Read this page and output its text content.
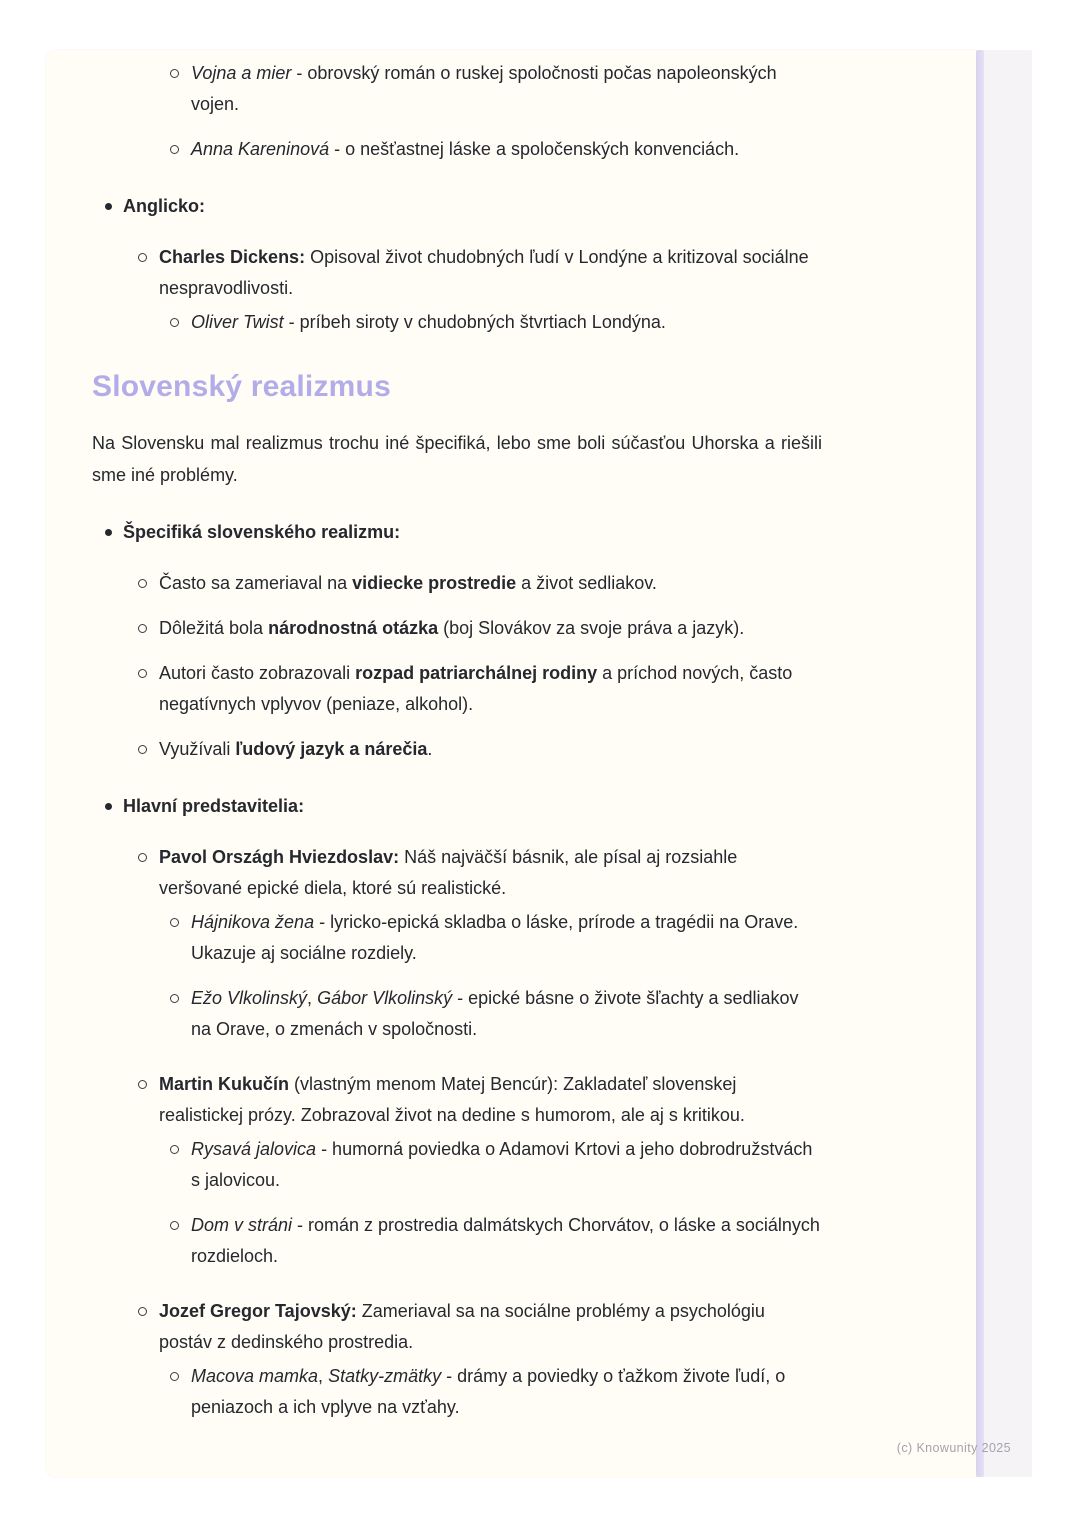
Vojna a mier - obrovský román o ruskej spoločnosti počas napoleonských vojen.
Anna Kareninová - o nešťastnej láske a spoločenských konvenciách.
Anglicko:
Charles Dickens: Opisoval život chudobných ľudí v Londýne a kritizoval sociálne nespravodlivosti.
Oliver Twist - príbeh siroty v chudobných štvrtiach Londýna.
Slovenský realizmus

Na Slovensku mal realizmus trochu iné špecifiká, lebo sme boli súčasťou Uhorska a riešili sme iné problémy.

Špecifiká slovenského realizmu:
Často sa zameriaval na vidiecke prostredie a život sedliakov.
Dôležitá bola národnostná otázka (boj Slovákov za svoje práva a jazyk).
Autori často zobrazovali rozpad patriarchálnej rodiny a príchod nových, často negatívnych vplyvov (peniaze, alkohol).
Využívali ľudový jazyk a nárečia.
Hlavní predstavitelia:
Pavol Országh Hviezdoslav: Náš najväčší básnik, ale písal aj rozsiahle veršované epické diela, ktoré sú realistické.
Hájnikova žena - lyricko-epická skladba o láske, prírode a tragédii na Orave. Ukazuje aj sociálne rozdiely.
Ežo Vlkolinský, Gábor Vlkolinský - epické básne o živote šľachty a sedliakov na Orave, o zmenách v spoločnosti.
Martin Kukučín (vlastným menom Matej Bencúr): Zakladateľ slovenskej realistickej prózy. Zobrazoval život na dedine s humorom, ale aj s kritikou.
Rysavá jalovica - humorná poviedka o Adamovi Krtovi a jeho dobrodružstvách s jalovicou.
Dom v stráni - román z prostredia dalmátskych Chorvátov, o láske a sociálnych rozdieloch.
Jozef Gregor Tajovský: Zameriaval sa na sociálne problémy a psychológiu postáv z dedinského prostredia.
Macova mamka, Statky-zmätky - drámy a poviedky o ťažkom živote ľudí, o peniazoch a ich vplyve na vzťahy.
(c) Knowunity 2025
